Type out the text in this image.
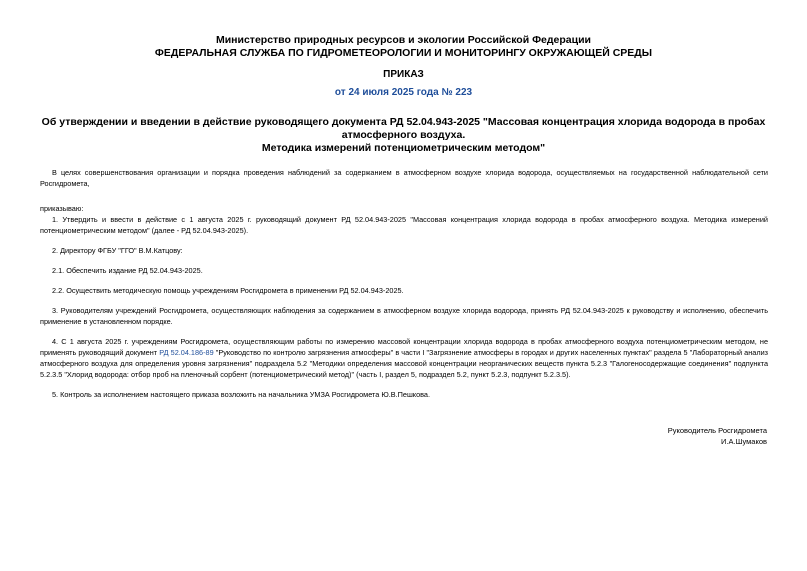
Министерство природных ресурсов и экологии Российской Федерации
ФЕДЕРАЛЬНАЯ СЛУЖБА ПО ГИДРОМЕТЕОРОЛОГИИ И МОНИТОРИНГУ ОКРУЖАЮЩЕЙ СРЕДЫ
ПРИКАЗ
от 24 июля 2025 года № 223
Об утверждении и введении в действие руководящего документа РД 52.04.943-2025 "Массовая концентрация хлорида водорода в пробах атмосферного воздуха.
Методика измерений потенциометрическим методом"

В целях совершенствования организации и порядка проведения наблюдений за содержанием в атмосферном воздухе хлорида водорода, осуществляемых на государственной наблюдательной сети Росгидромета,

приказываю:

1. Утвердить и ввести в действие с 1 августа 2025 г. руководящий документ РД 52.04.943-2025 "Массовая концентрация хлорида водорода в пробах атмосферного воздуха. Методика измерений потенциометрическим методом" (далее - РД 52.04.943-2025).

2. Директору ФГБУ "ГГО" В.М.Катцову:

2.1. Обеспечить издание РД 52.04.943-2025.

2.2. Осуществить методическую помощь учреждениям Росгидромета в применении РД 52.04.943-2025.

3. Руководителям учреждений Росгидромета, осуществляющих наблюдения за содержанием в атмосферном воздухе хлорида водорода, принять РД 52.04.943-2025 к руководству и исполнению, обеспечить применение в установленном порядке.

4. С 1 августа 2025 г. учреждениям Росгидромета, осуществляющим работы по измерению массовой концентрации хлорида водорода в пробах атмосферного воздуха потенциометрическим методом, не применять руководящий документ РД 52.04.186-89 "Руководство по контролю загрязнения атмосферы" в части I "Загрязнение атмосферы в городах и других населенных пунктах" раздела 5 "Лабораторный анализ атмосферного воздуха для определения уровня загрязнения" подраздела 5.2 "Методики определения массовой концентрации неорганических веществ пункта 5.2.3 "Галогеносодержащие соединения" подпункта 5.2.3.5 "Хлорид водорода: отбор проб на пленочный сорбент (потенциометрический метод)" (часть I, раздел 5, подраздел 5.2, пункт 5.2.3, подпункт 5.2.3.5).

5. Контроль за исполнением настоящего приказа возложить на начальника УМЗА Росгидромета Ю.В.Пешкова.

Руководитель Росгидромета
И.А.Шумаков
